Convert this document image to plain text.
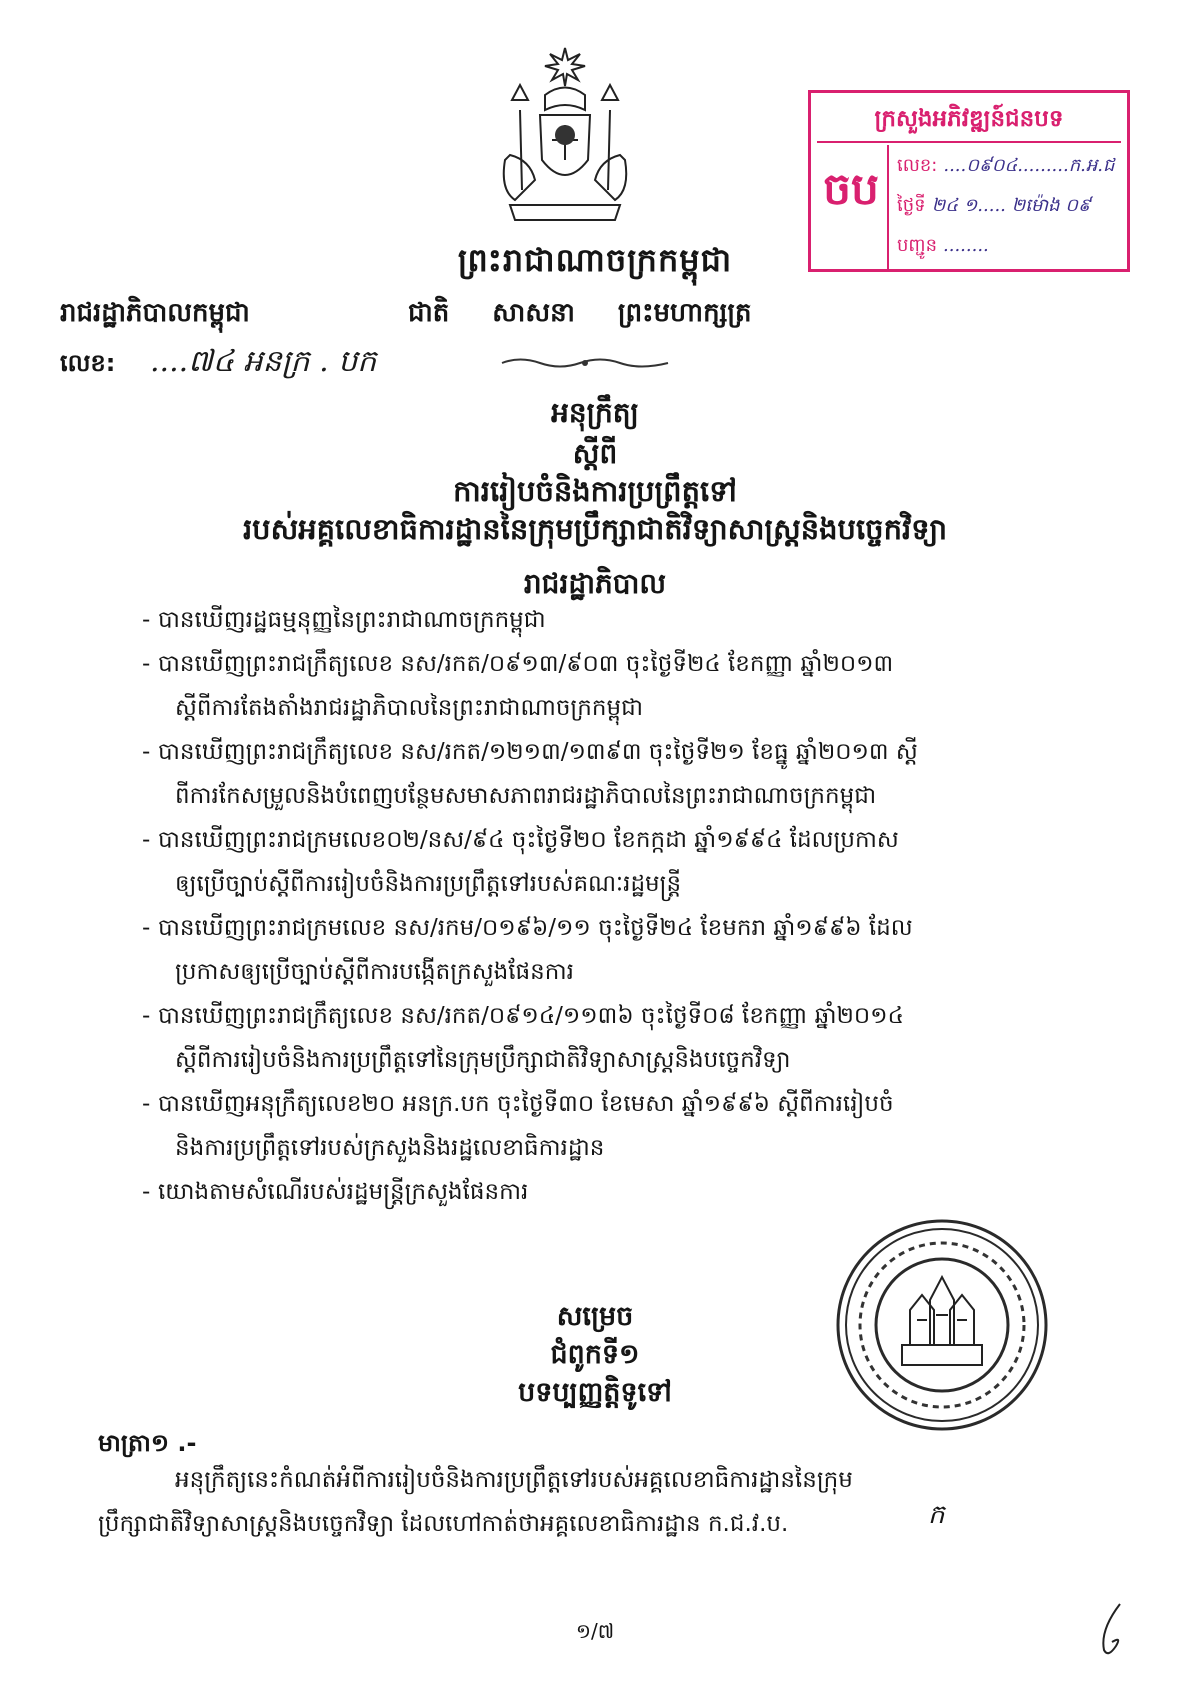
ព្រះរាជាណាចក្រកម្ពុជា
រាជរដ្ឋាភិបាលកម្ពុជា	ជាតិ សាសនា ព្រះមហាក្សត្រ
លេខ: ....៧៤ អនក្រ . បក
ក្រសួងអភិវឌ្ឍន៍ជនបទ
ចប	លេខ: ....០៩០៤.........ក.អ.ជ
ថ្ងៃទី ២៤ ១..... ២ម៉ោង ០៩
បញ្ជូន ........
អនុក្រឹត្យ
ស្ដីពី
ការរៀបចំនិងការប្រព្រឹត្តទៅ
របស់អគ្គលេខាធិការដ្ឋាននៃក្រុមប្រឹក្សាជាតិវិទ្យាសាស្ត្រនិងបច្ចេកវិទ្យា
រាជរដ្ឋាភិបាល
- បានឃើញរដ្ឋធម្មនុញ្ញនៃព្រះរាជាណាចក្រកម្ពុជា
- បានឃើញព្រះរាជក្រឹត្យលេខ នស/រកត/០៩១៣/៩០៣ ចុះថ្ងៃទី២៤ ខែកញ្ញា ឆ្នាំ២០១៣
ស្ដីពីការតែងតាំងរាជរដ្ឋាភិបាលនៃព្រះរាជាណាចក្រកម្ពុជា
- បានឃើញព្រះរាជក្រឹត្យលេខ នស/រកត/១២១៣/១៣៩៣ ចុះថ្ងៃទី២១ ខែធ្នូ ឆ្នាំ២០១៣ ស្ដី
ពីការកែសម្រួលនិងបំពេញបន្ថែមសមាសភាពរាជរដ្ឋាភិបាលនៃព្រះរាជាណាចក្រកម្ពុជា
- បានឃើញព្រះរាជក្រមលេខ០២/នស/៩៤ ចុះថ្ងៃទី២០ ខែកក្កដា ឆ្នាំ១៩៩៤ ដែលប្រកាស
ឲ្យប្រើច្បាប់ស្ដីពីការរៀបចំនិងការប្រព្រឹត្តទៅរបស់គណៈរដ្ឋមន្ត្រី
- បានឃើញព្រះរាជក្រមលេខ នស/រកម/០១៩៦/១១ ចុះថ្ងៃទី២៤ ខែមករា ឆ្នាំ១៩៩៦ ដែល
ប្រកាសឲ្យប្រើច្បាប់ស្ដីពីការបង្កើតក្រសួងផែនការ
- បានឃើញព្រះរាជក្រឹត្យលេខ នស/រកត/០៩១៤/១១៣៦ ចុះថ្ងៃទី០៨ ខែកញ្ញា ឆ្នាំ២០១៤
ស្ដីពីការរៀបចំនិងការប្រព្រឹត្តទៅនៃក្រុមប្រឹក្សាជាតិវិទ្យាសាស្ត្រនិងបច្ចេកវិទ្យា
- បានឃើញអនុក្រឹត្យលេខ២០ អនក្រ.បក ចុះថ្ងៃទី៣០ ខែមេសា ឆ្នាំ១៩៩៦ ស្ដីពីការរៀបចំ
និងការប្រព្រឹត្តទៅរបស់ក្រសួងនិងរដ្ឋលេខាធិការដ្ឋាន
- យោងតាមសំណើរបស់រដ្ឋមន្ត្រីក្រសួងផែនការ
សម្រេច
ជំពូកទី១
បទប្បញ្ញត្តិទូទៅ
មាត្រា១ .-
អនុក្រឹត្យនេះកំណត់អំពីការរៀបចំនិងការប្រព្រឹត្តទៅរបស់អគ្គលេខាធិការដ្ឋាននៃក្រុម
ប្រឹក្សាជាតិវិទ្យាសាស្ត្រនិងបច្ចេកវិទ្យា ដែលហៅកាត់ថាអគ្គលេខាធិការដ្ឋាន ក.ជ.វ.ប.	ក
១/៧
